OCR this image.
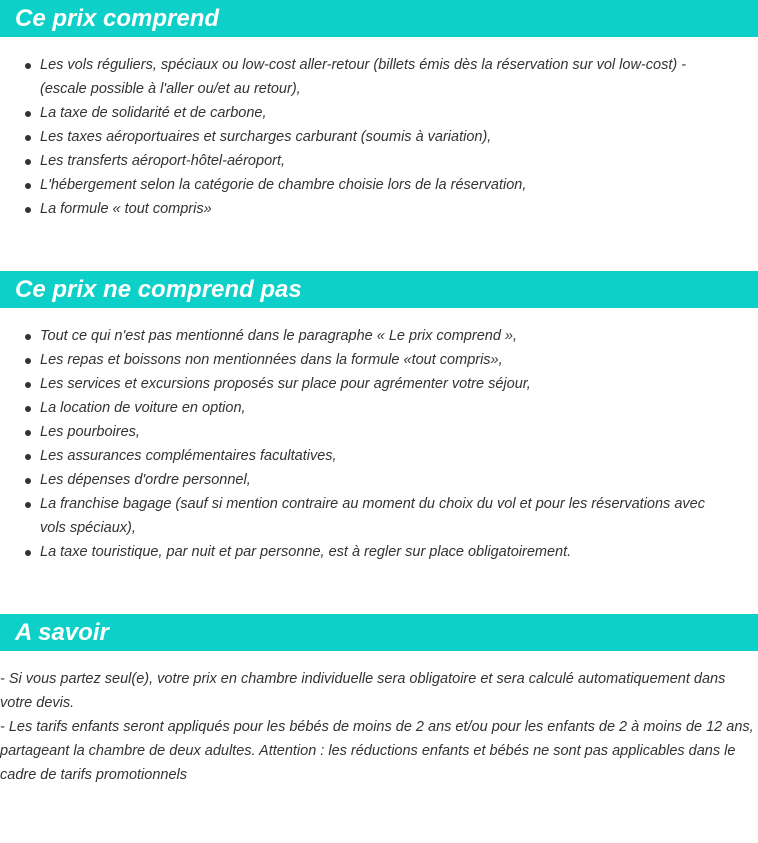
Ce prix comprend
Les vols réguliers, spéciaux ou low-cost aller-retour (billets émis dès la réservation sur vol low-cost) - (escale possible à l'aller ou/et au retour),
La taxe de solidarité et de carbone,
Les taxes aéroportuaires et surcharges carburant (soumis à variation),
Les transferts aéroport-hôtel-aéroport,
L'hébergement selon la catégorie de chambre choisie lors de la réservation,
La formule « tout compris»
Ce prix ne comprend pas
Tout ce qui n'est pas mentionné dans le paragraphe « Le prix comprend »,
Les repas et boissons non mentionnées dans la formule «tout compris»,
Les services et excursions proposés sur place pour agrémenter votre séjour,
La location de voiture en option,
Les pourboires,
Les assurances complémentaires facultatives,
Les dépenses d'ordre personnel,
La franchise bagage (sauf si mention contraire au moment du choix du vol et pour les réservations avec vols spéciaux),
La taxe touristique, par nuit et par personne, est à regler sur place obligatoirement.
A savoir

- Si vous partez seul(e), votre prix en chambre individuelle sera obligatoire et sera calculé automatiquement dans votre devis.

- Les tarifs enfants seront appliqués pour les bébés de moins de 2 ans et/ou pour les enfants de 2 à moins de 12 ans, partageant la chambre de deux adultes. Attention : les réductions enfants et bébés ne sont pas applicables dans le cadre de tarifs promotionnels
